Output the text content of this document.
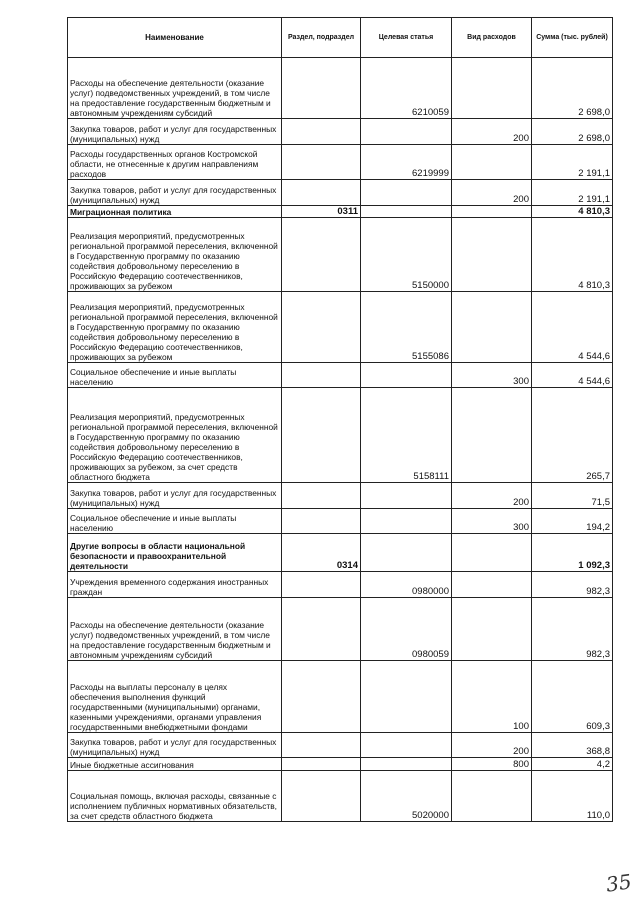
Наименование	Раздел, подраздел	Целевая статья	Вид расходов	Сумма (тыс. рублей)
Расходы на обеспечение деятельности (оказание услуг) подведомственных учреждений, в том числе на предоставление государственным бюджетным и автономным учреждениям субсидий		6210059		2 698,0
Закупка товаров, работ и услуг для государственных (муниципальных) нужд			200	2 698,0
Расходы государственных органов Костромской области, не отнесенные к другим направлениям расходов		6219999		2 191,1
Закупка товаров, работ и услуг для государственных (муниципальных) нужд			200	2 191,1
Миграционная политика	0311			4 810,3
Реализация мероприятий, предусмотренных региональной программой переселения, включенной в Государственную программу по оказанию содействия добровольному переселению в Российскую Федерацию соотечественников, проживающих за рубежом		5150000		4 810,3
Реализация мероприятий, предусмотренных региональной программой переселения, включенной в Государственную программу по оказанию содействия добровольному переселению в Российскую Федерацию соотечественников, проживающих за рубежом		5155086		4 544,6
Социальное обеспечение и иные выплаты населению			300	4 544,6
Реализация мероприятий, предусмотренных региональной программой переселения, включенной в Государственную программу по оказанию содействия добровольному переселению в Российскую Федерацию соотечественников, проживающих за рубежом, за счет средств областного бюджета		5158111		265,7
Закупка товаров, работ и услуг для государственных (муниципальных) нужд			200	71,5
Социальное обеспечение и иные выплаты населению			300	194,2
Другие вопросы в области национальной безопасности и правоохранительной деятельности	0314			1 092,3
Учреждения временного содержания иностранных граждан		0980000		982,3
Расходы на обеспечение деятельности (оказание услуг) подведомственных учреждений, в том числе на предоставление государственным бюджетным и автономным учреждениям субсидий		0980059		982,3
Расходы на выплаты персоналу в целях обеспечения выполнения функций государственными (муниципальными) органами, казенными учреждениями, органами управления государственными внебюджетными фондами			100	609,3
Закупка товаров, работ и услуг для государственных (муниципальных) нужд			200	368,8
Иные бюджетные ассигнования			800	4,2
Социальная помощь, включая расходы, связанные с исполнением публичных нормативных обязательств, за счет средств областного бюджета		5020000		110,0
35
